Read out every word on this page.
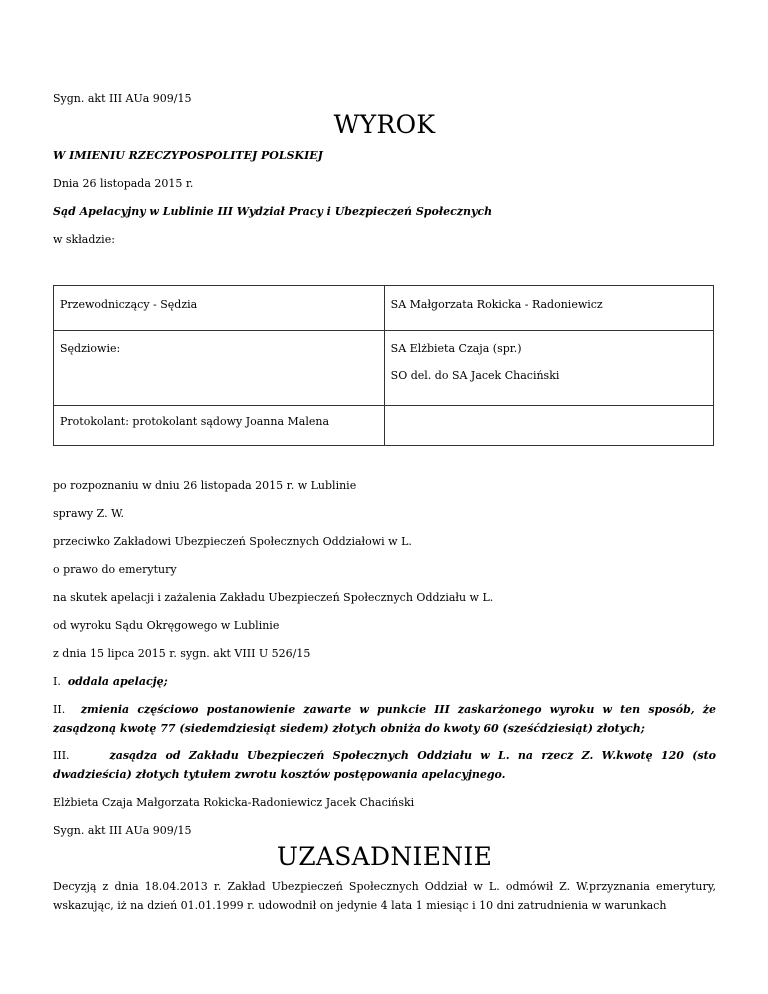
Sygn. akt III AUa 909/15
WYROK
W IMIENIU RZECZYPOSPOLITEJ POLSKIEJ
Dnia 26 listopada 2015 r.
Sąd Apelacyjny w Lublinie III Wydział Pracy i Ubezpieczeń Społecznych
w składzie:
Przewodniczący - Sędzia	SA Małgorzata Rokicka - Radoniewicz

Sędziowie:	SA Elżbieta Czaja (spr.)
SO del. do SA Jacek Chaciński

Protokolant: protokolant sądowy Joanna Malena	

po rozpoznaniu w dniu 26 listopada 2015 r. w Lublinie
sprawy Z. W.
przeciwko Zakładowi Ubezpieczeń Społecznych Oddziałowi w L.
o prawo do emerytury
na skutek apelacji i zażalenia Zakładu Ubezpieczeń Społecznych Oddziału w L.
od wyroku Sądu Okręgowego w Lublinie
z dnia 15 lipca 2015 r. sygn. akt VIII U 526/15
I. oddala apelację;
II. zmienia częściowo postanowienie zawarte w punkcie III zaskarżonego wyroku w ten sposób, że zasądzoną kwotę 77 (siedemdziesiąt siedem) złotych obniża do kwoty 60 (sześćdziesiąt) złotych;
III.	zasądza od Zakładu Ubezpieczeń Społecznych Oddziału w L. na rzecz Z. W.kwotę 120 (sto dwadzieścia) złotych tytułem zwrotu kosztów postępowania apelacyjnego.
Elżbieta Czaja Małgorzata Rokicka-Radoniewicz Jacek Chaciński
Sygn. akt III AUa 909/15
UZASADNIENIE
Decyzją z dnia 18.04.2013 r. Zakład Ubezpieczeń Społecznych Oddział w L. odmówił Z. W.przyznania emerytury, wskazując, iż na dzień 01.01.1999 r. udowodnił on jedynie 4 lata 1 miesiąc i 10 dni zatrudnienia w warunkach
